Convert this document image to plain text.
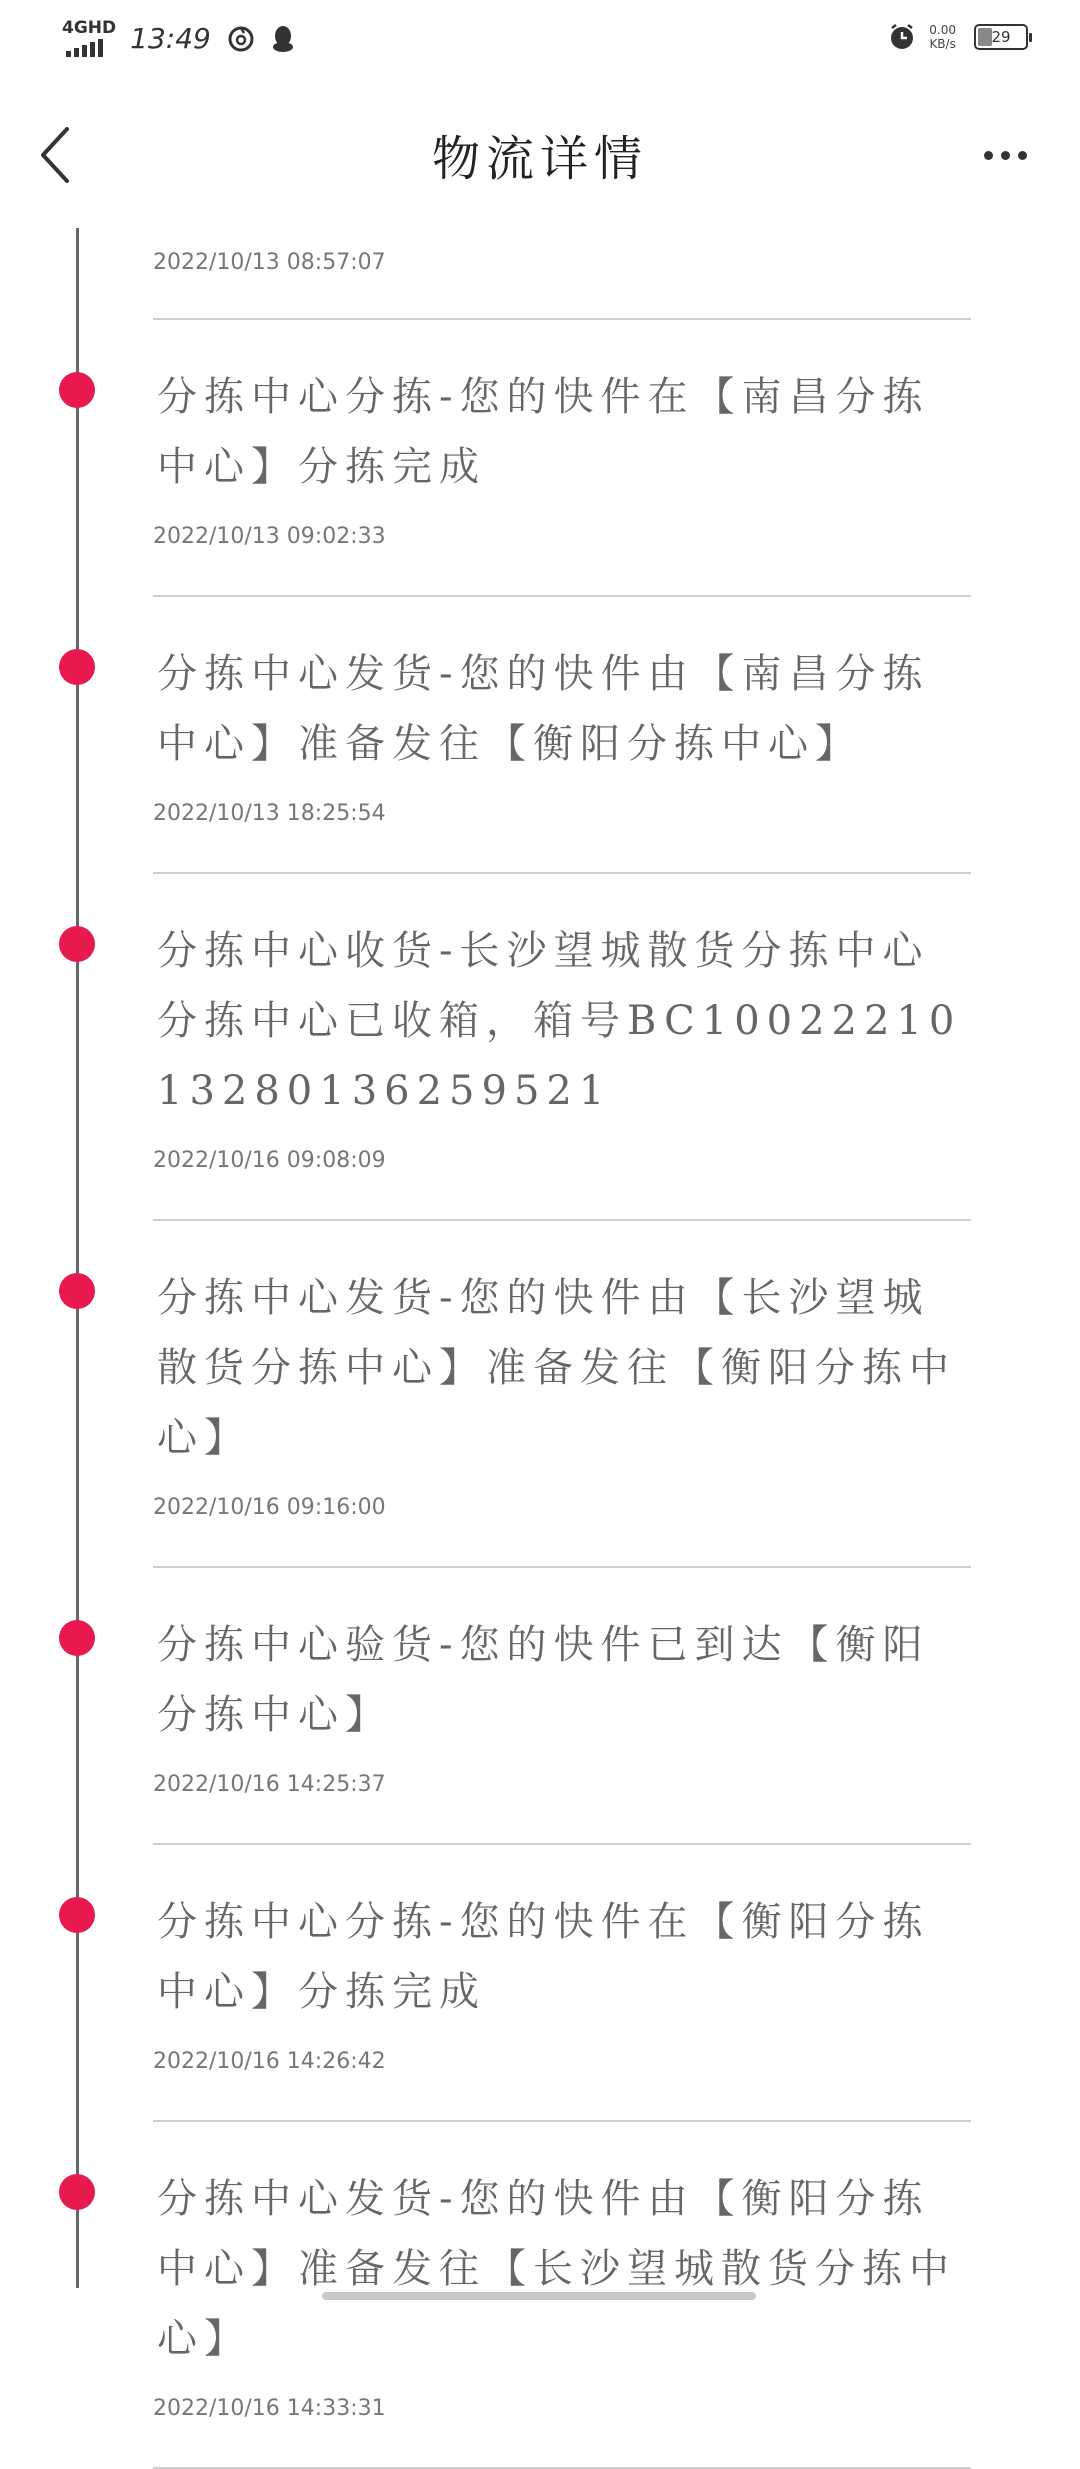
4GHD 13:49	0.00
KB/s 29
物流详情
2022/10/13 08:57:07
分拣中心分拣-您的快件在【南昌分拣中心】分拣完成
2022/10/13 09:02:33
分拣中心发货-您的快件由【南昌分拣中心】准备发往【衡阳分拣中心】
2022/10/13 18:25:54
分拣中心收货-长沙望城散货分拣中心分拣中心已收箱，箱号BC100222101328013625952​1
2022/10/16 09:08:09
分拣中心发货-您的快件由【长沙望城散货分拣中心】准备发往【衡阳分拣中心】
2022/10/16 09:16:00
分拣中心验货-您的快件已到达【衡阳分拣中心】
2022/10/16 14:25:37
分拣中心分拣-您的快件在【衡阳分拣中心】分拣完成
2022/10/16 14:26:42
分拣中心发货-您的快件由【衡阳分拣中心】准备发往【长沙望城散货分拣中心】
2022/10/16 14:33:31
